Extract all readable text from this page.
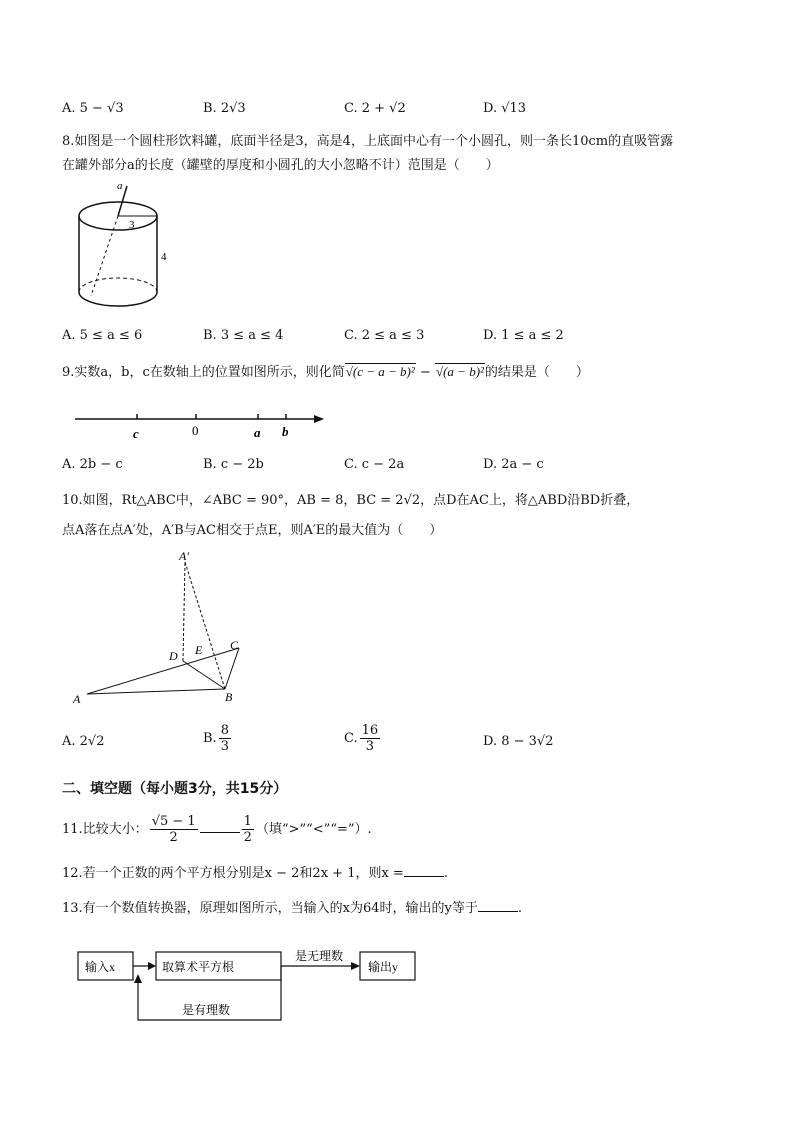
A. 5 − √3	B. 2√3	C. 2 + √2	D. √13
8.如图是一个圆柱形饮料罐，底面半径是3，高是4，上底面中心有一个小圆孔，则一条长10cm的直吸管露
在罐外部分a的长度（罐壁的厚度和小圆孔的大小忽略不计）范围是（　　）
a
3
4
A. 5 ≤ a ≤ 6	B. 3 ≤ a ≤ 4	C. 2 ≤ a ≤ 3	D. 1 ≤ a ≤ 2
9.实数a，b，c在数轴上的位置如图所示，则化简√(c − a − b)² − √(a − b)²的结果是（　　）
c	0	a b
A. 2b − c	B. c − 2b	C. c − 2a	D. 2a − c
10.如图，Rt△ABC中，∠ABC = 90°，AB = 8，BC = 2√2，点D在AC上，将△ABD沿BD折叠，
点A落在点A′处，A′B与AC相交于点E，则A′E的最大值为（　　）
A′
D E C
A	B
A. 2√2	B. $\frac{8}{3}$	C. $\frac{16}{3}$	D. 8 − 3√2
二、填空题（每小题3分，共15分）
11.比较大小： $\frac{√5 - 1}{2}$	$\frac{1}{2}$ （填“>”“<”“=”）.
12.若一个正数的两个平方根分别是x − 2和2x + 1，则x =	.
13.有一个数值转换器，原理如图所示，当输入的x为64时，输出的y等于	.
输入x	取算术平方根
是无理数
输出y
是有理数
